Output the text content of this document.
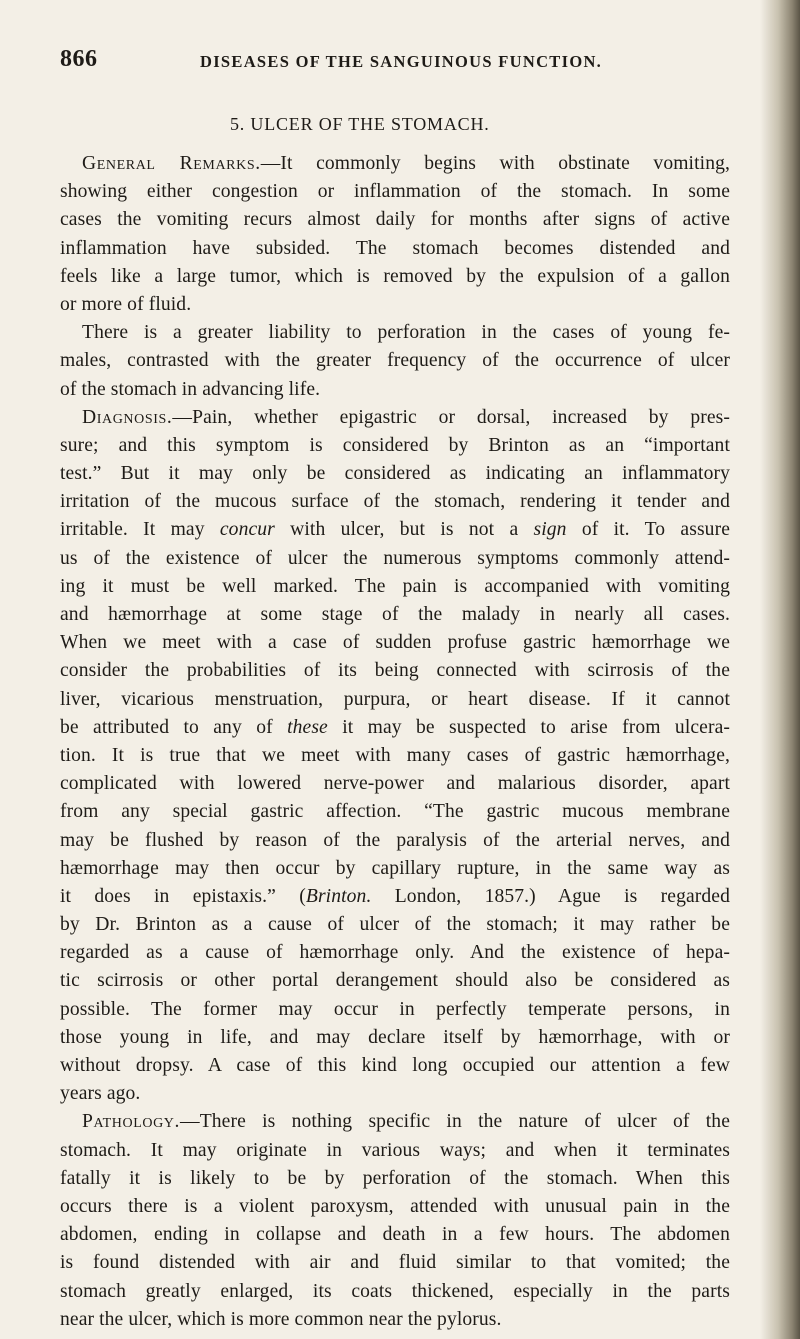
866	DISEASES OF THE SANGUINOUS FUNCTION.
5. ULCER OF THE STOMACH.
General Remarks.—It commonly begins with obstinate vomiting,
showing either congestion or inflammation of the stomach. In some
cases the vomiting recurs almost daily for months after signs of active
inflammation have subsided. The stomach becomes distended and
feels like a large tumor, which is removed by the expulsion of a gallon
or more of fluid.
There is a greater liability to perforation in the cases of young fe-
males, contrasted with the greater frequency of the occurrence of ulcer
of the stomach in advancing life.
Diagnosis.—Pain, whether epigastric or dorsal, increased by pres-
sure; and this symptom is considered by Brinton as an “important
test.” But it may only be considered as indicating an inflammatory
irritation of the mucous surface of the stomach, rendering it tender and
irritable. It may concur with ulcer, but is not a sign of it. To assure
us of the existence of ulcer the numerous symptoms commonly attend-
ing it must be well marked. The pain is accompanied with vomiting
and hæmorrhage at some stage of the malady in nearly all cases.
When we meet with a case of sudden profuse gastric hæmorrhage we
consider the probabilities of its being connected with scirrosis of the
liver, vicarious menstruation, purpura, or heart disease. If it cannot
be attributed to any of these it may be suspected to arise from ulcera-
tion. It is true that we meet with many cases of gastric hæmorrhage,
complicated with lowered nerve-power and malarious disorder, apart
from any special gastric affection. “The gastric mucous membrane
may be flushed by reason of the paralysis of the arterial nerves, and
hæmorrhage may then occur by capillary rupture, in the same way as
it does in epistaxis.” (Brinton. London, 1857.) Ague is regarded
by Dr. Brinton as a cause of ulcer of the stomach; it may rather be
regarded as a cause of hæmorrhage only. And the existence of hepa-
tic scirrosis or other portal derangement should also be considered as
possible. The former may occur in perfectly temperate persons, in
those young in life, and may declare itself by hæmorrhage, with or
without dropsy. A case of this kind long occupied our attention a few
years ago.
Pathology.—There is nothing specific in the nature of ulcer of the
stomach. It may originate in various ways; and when it terminates
fatally it is likely to be by perforation of the stomach. When this
occurs there is a violent paroxysm, attended with unusual pain in the
abdomen, ending in collapse and death in a few hours. The abdomen
is found distended with air and fluid similar to that vomited; the
stomach greatly enlarged, its coats thickened, especially in the parts
near the ulcer, which is more common near the pylorus.
